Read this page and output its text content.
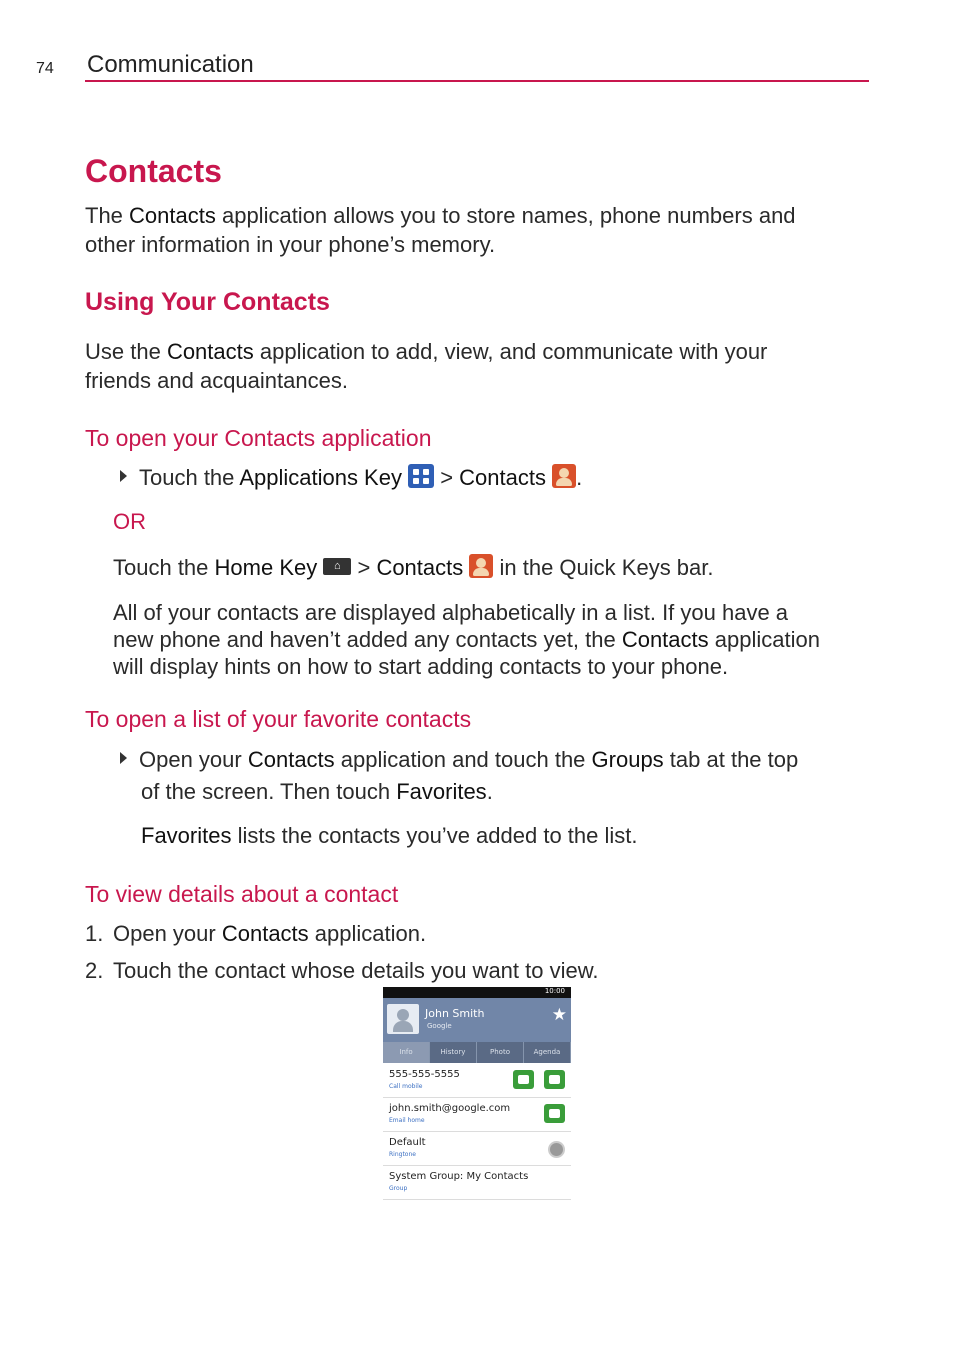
74 Communication
Contacts
The Contacts application allows you to store names, phone numbers and
other information in your phone’s memory.
Using Your Contacts
Use the Contacts application to add, view, and communicate with your
friends and acquaintances.
To open your Contacts application
Touch the Applications Key
> Contacts .
OR
Touch the Home Key ⌂ > Contacts
in the Quick Keys bar.
All of your contacts are displayed alphabetically in a list. If you have a
new phone and haven’t added any contacts yet, the Contacts application
will display hints on how to start adding contacts to your phone.
To open a list of your favorite contacts
Open your Contacts application and touch the Groups tab at the top
of the screen. Then touch Favorites.
Favorites lists the contacts you’ve added to the list.
To view details about a contact
1. Open your Contacts application.
2. Touch the contact whose details you want to view.
10:00
John Smith
Google
★
Info	History	Photo	Agenda
555-555-5555
Call mobile
john.smith@google.com
Email home
Default
Ringtone
System Group: My Contacts
Group
